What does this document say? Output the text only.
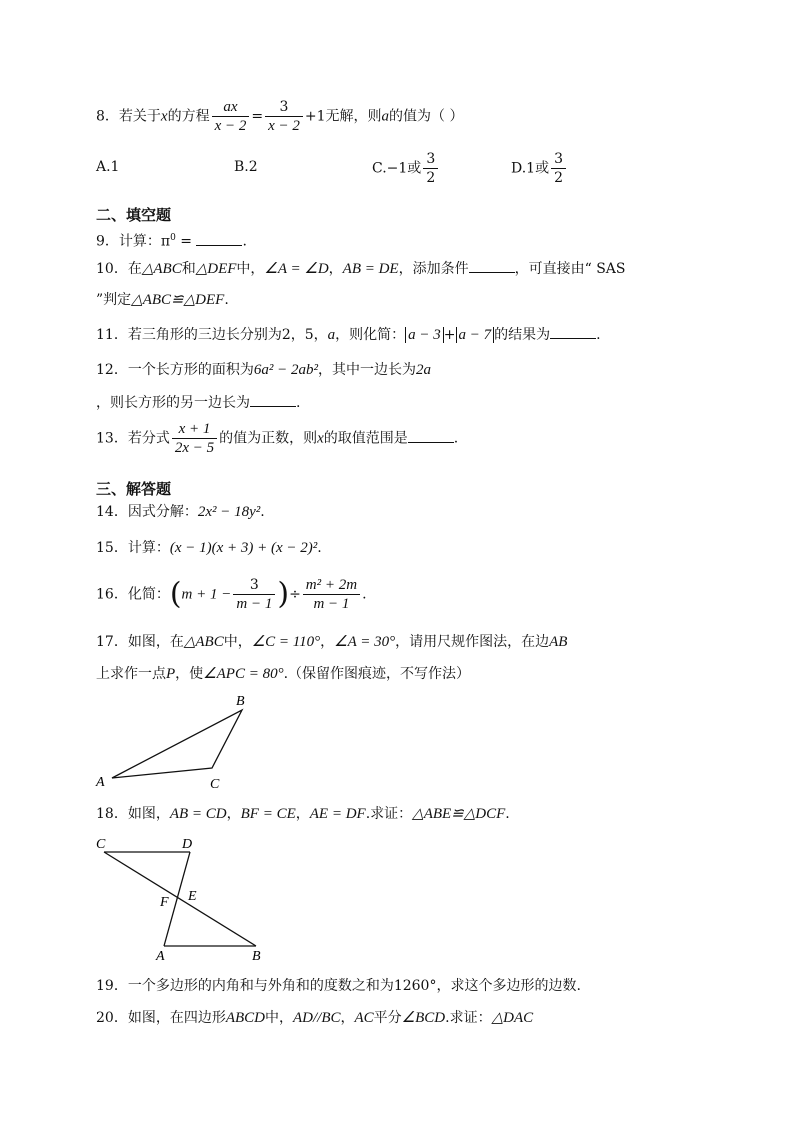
8．若关于x的方程 $\frac{ax}{x - 2} = \frac{3}{x - 2} +1$无解，则a的值为（ ）
A.1	B.2	C.−1或 $\frac{3}{2}$	D.1或 $\frac{3}{2}$
二、填空题
9．计算：$\pi^0$ =	.
10．在△ABC和△DEF中，∠A = ∠D，AB = DE，添加条件	，可直接由“ SAS
”判定△ABC≌△DEF.
11．若三角形的三边长分别为2，5，a，则化简： a − 3 + a − 7 的结果为	.
12．一个长方形的面积为6a² − 2ab²，其中一边长为2a
，则长方形的另一边长为	.
13．若分式 $\frac{x + 1}{2x - 5}$ 的值为正数，则x的取值范围是	.
三、解答题
14．因式分解：2x² − 18y².
15．计算：(x − 1)(x + 3) + (x − 2)².
16．化简：($m + 1 - \frac{3}{m - 1}$ )÷ $\frac{\text{m² + 2m}}{m - 1}$ .
17．如图，在△ABC中，∠C = 110°，∠A = 30°，请用尺规作图法，在边AB
上求作一点P，使∠APC = 80°.（保留作图痕迹，不写作法）
A
B
C
18．如图，AB = CD，BF = CE，AE = DF.求证：△ABE≌△DCF.
C	D
E
F
A	B
19．一个多边形的内角和与外角和的度数之和为1260°，求这个多边形的边数.
20．如图，在四边形ABCD中，AD//BC，AC平分∠BCD.求证：△DAC
